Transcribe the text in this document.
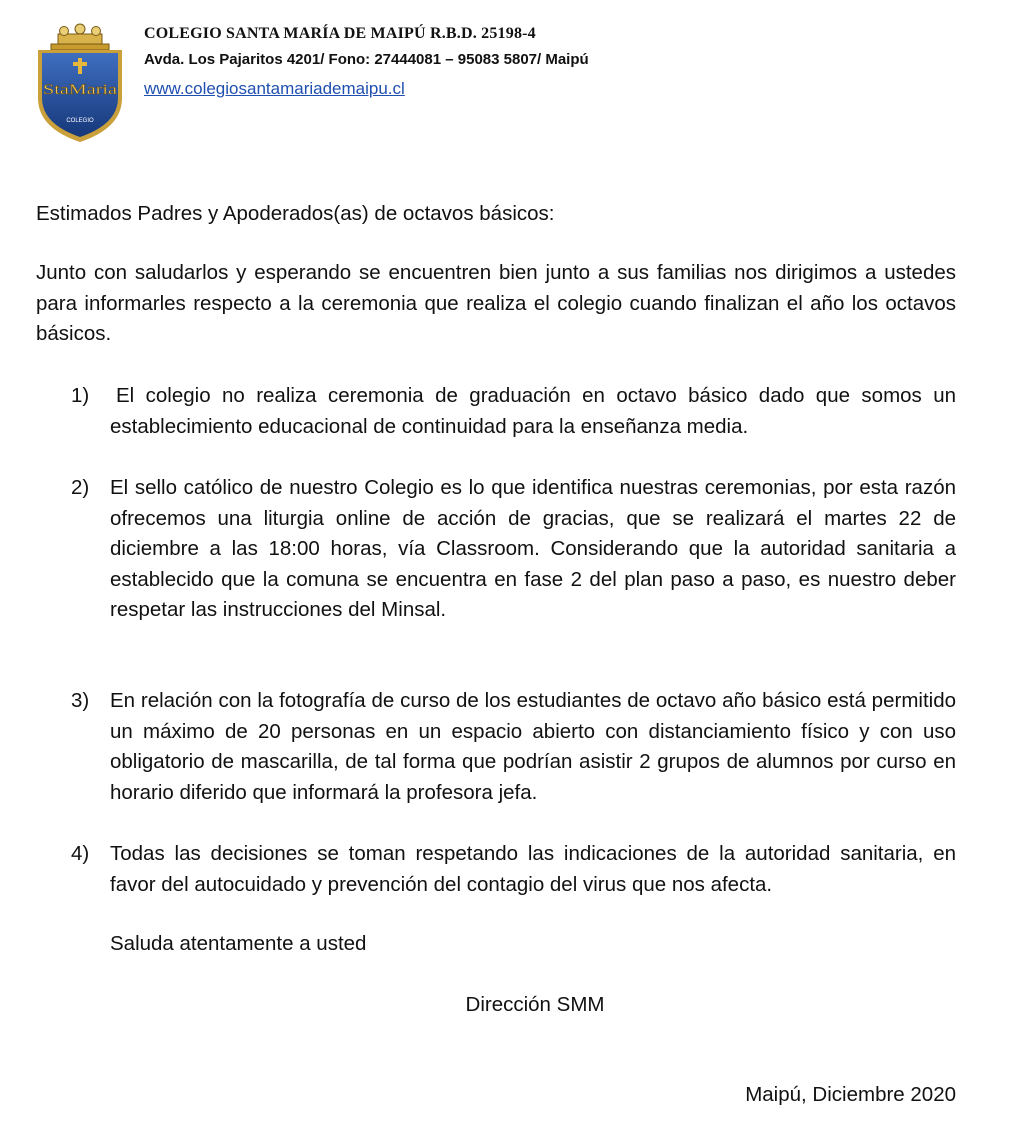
StaMaria
COLEGIO
COLEGIO SANTA MARÍA DE MAIPÚ R.B.D. 25198-4
Avda. Los Pajaritos 4201/ Fono: 27444081 – 95083 5807/ Maipú
www.colegiosantamariademaipu.cl
Estimados Padres y Apoderados(as) de octavos básicos:
Junto con saludarlos y esperando se encuentren bien junto a sus familias nos dirigimos a ustedes para informarles respecto a la ceremonia que realiza el colegio cuando finalizan el año los octavos básicos.
1) El colegio no realiza ceremonia de graduación en octavo básico dado que somos un establecimiento educacional de continuidad para la enseñanza media.
2) El sello católico de nuestro Colegio es lo que identifica nuestras ceremonias, por esta razón ofrecemos una liturgia online de acción de gracias, que se realizará el martes 22 de diciembre a las 18:00 horas, vía Classroom. Considerando que la autoridad sanitaria a establecido que la comuna se encuentra en fase 2 del plan paso a paso, es nuestro deber respetar las instrucciones del Minsal.
3) En relación con la fotografía de curso de los estudiantes de octavo año básico está permitido un máximo de 20 personas en un espacio abierto con distanciamiento físico y con uso obligatorio de mascarilla, de tal forma que podrían asistir 2 grupos de alumnos por curso en horario diferido que informará la profesora jefa.
4) Todas las decisiones se toman respetando las indicaciones de la autoridad sanitaria, en favor del autocuidado y prevención del contagio del virus que nos afecta.
Saluda atentamente a usted
Dirección SMM
Maipú, Diciembre 2020
